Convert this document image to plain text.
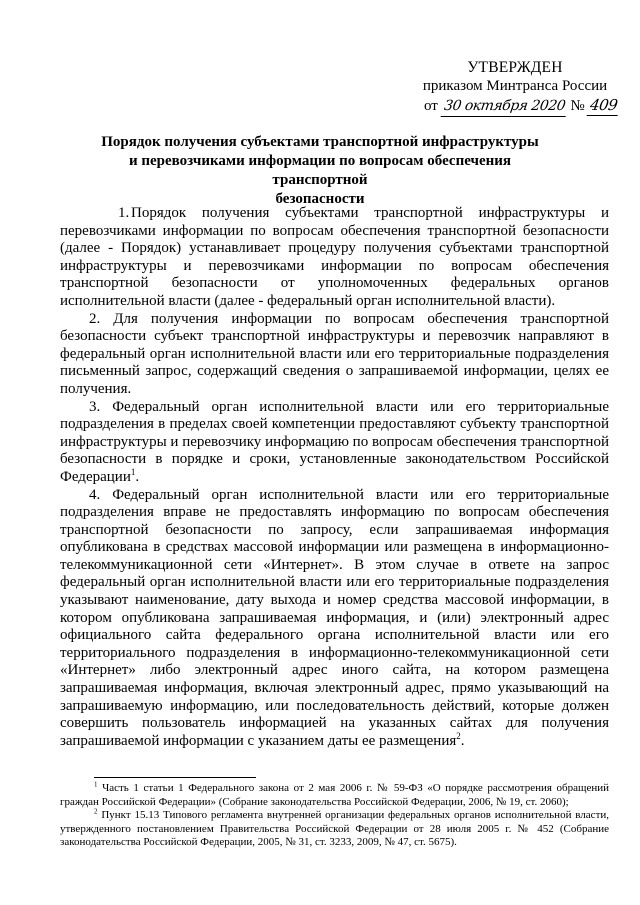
УТВЕРЖДЕН
приказом Минтранса России
от 30 октября 2020 № 409
Порядок получения субъектами транспортной инфраструктуры
и перевозчиками информации по вопросам обеспечения транспортной
безопасности

1. Порядок получения субъектами транспортной инфраструктуры и перевозчиками информации по вопросам обеспечения транспортной безопасности (далее - Порядок) устанавливает процедуру получения субъектами транспортной инфраструктуры и перевозчиками информации по вопросам обеспечения транспортной безопасности от уполномоченных федеральных органов исполнительной власти (далее - федеральный орган исполнительной власти).

2. Для получения информации по вопросам обеспечения транспортной безопасности субъект транспортной инфраструктуры и перевозчик направляют в федеральный орган исполнительной власти или его территориальные подразделения письменный запрос, содержащий сведения о запрашиваемой информации, целях ее получения.

3. Федеральный орган исполнительной власти или его территориальные подразделения в пределах своей компетенции предоставляют субъекту транспортной инфраструктуры и перевозчику информацию по вопросам обеспечения транспортной безопасности в порядке и сроки, установленные законодательством Российской Федерации$^1$.

4. Федеральный орган исполнительной власти или его территориальные подразделения вправе не предоставлять информацию по вопросам обеспечения транспортной безопасности по запросу, если запрашиваемая информация опубликована в средствах массовой информации или размещена в информационно-телекоммуникационной сети «Интернет». В этом случае в ответе на запрос федеральный орган исполнительной власти или его территориальные подразделения указывают наименование, дату выхода и номер средства массовой информации, в котором опубликована запрашиваемая информация, и (или) электронный адрес официального сайта федерального органа исполнительной власти или его территориального подразделения в информационно-телекоммуникационной сети «Интернет» либо электронный адрес иного сайта, на котором размещена запрашиваемая информация, включая электронный адрес, прямо указывающий на запрашиваемую информацию, или последовательность действий, которые должен совершить пользователь информацией на указанных сайтах для получения запрашиваемой информации с указанием даты ее размещения$^2$.

$^1$ Часть 1 статьи 1 Федерального закона от 2 мая 2006 г. № 59-ФЗ «О порядке рассмотрения обращений граждан Российской Федерации» (Собрание законодательства Российской Федерации, 2006, № 19, ст. 2060);

$^2$ Пункт 15.13 Типового регламента внутренней организации федеральных органов исполнительной власти, утвержденного постановлением Правительства Российской Федерации от 28 июля 2005 г. № 452 (Собрание законодательства Российской Федерации, 2005, № 31, ст. 3233, 2009, № 47, ст. 5675).
